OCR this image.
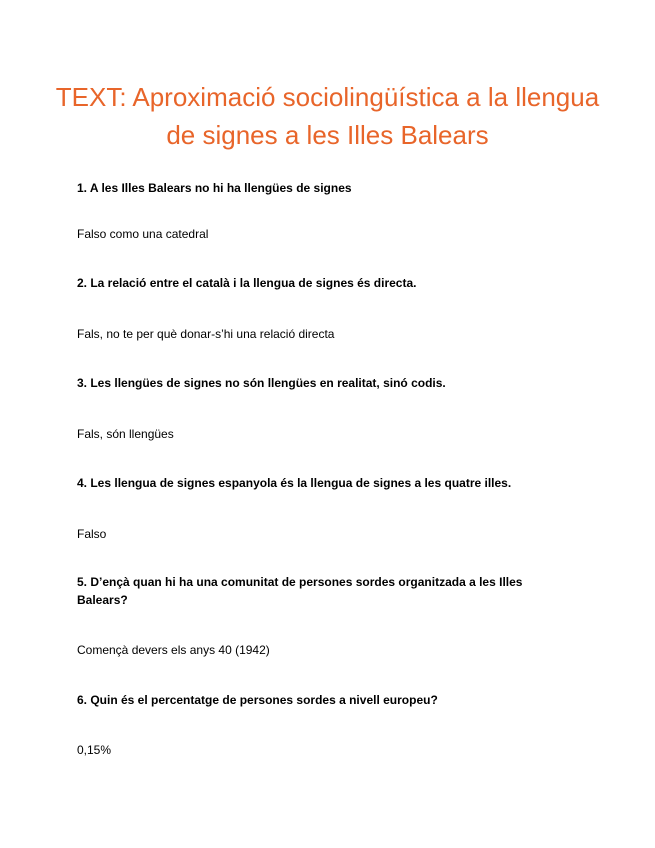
TEXT: Aproximació sociolingüística a la llengua de signes a les Illes Balears

1. A les Illes Balears no hi ha llengües de signes

Falso como una catedral

2. La relació entre el català i la llengua de signes és directa.

Fals, no te per què donar-s’hi una relació directa

3. Les llengües de signes no són llengües en realitat, sinó codis.

Fals, són llengües

4. Les llengua de signes espanyola és la llengua de signes a les quatre illes.

Falso

5. D’ençà quan hi ha una comunitat de persones sordes organitzada a les Illes Balears?

Començà devers els anys 40 (1942)

6. Quin és el percentatge de persones sordes a nivell europeu?

0,15%
